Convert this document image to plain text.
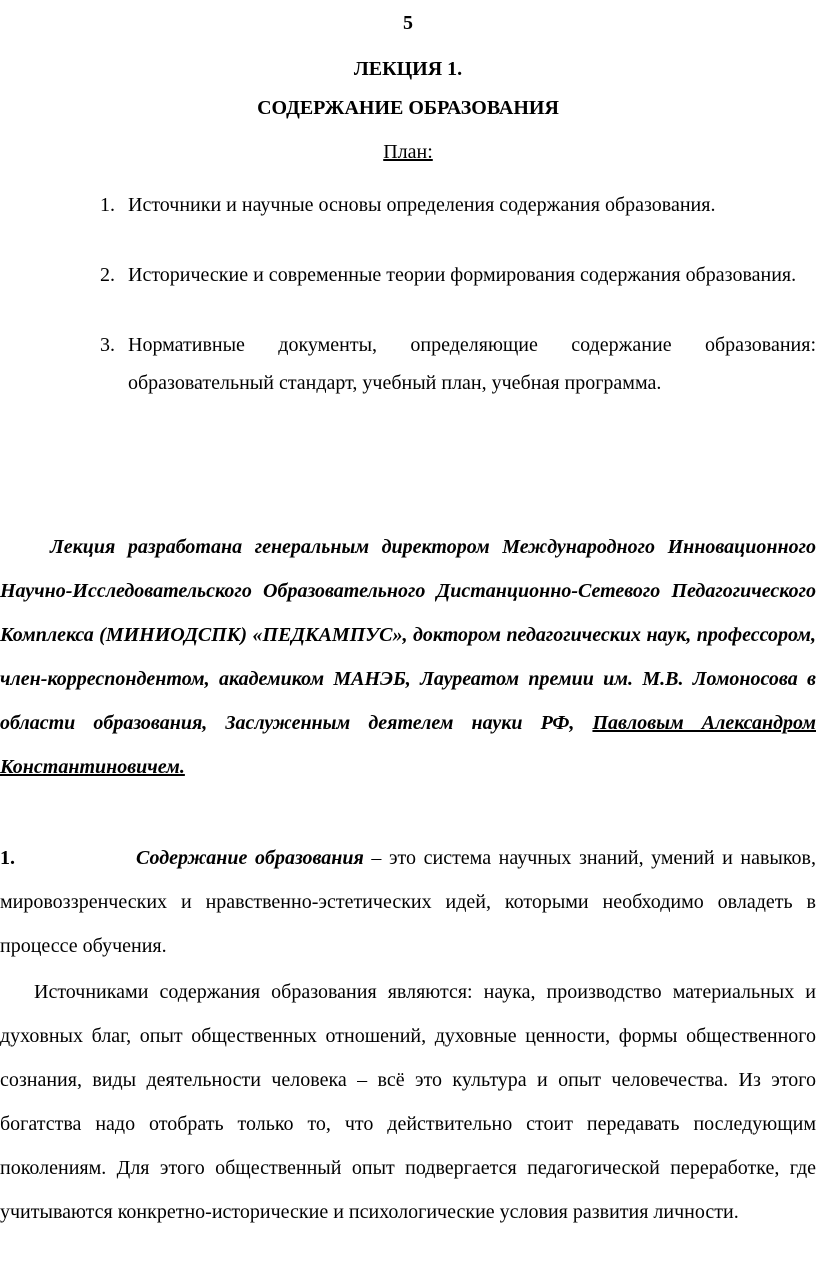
5
ЛЕКЦИЯ 1.
СОДЕРЖАНИЕ ОБРАЗОВАНИЯ
План:
1. Источники и научные основы определения содержания образования.
2. Исторические и современные теории формирования содержания образования.
3. Нормативные документы, определяющие содержание образования: образовательный стандарт, учебный план, учебная программа.

Лекция разработана генеральным директором Международного Инновационного Научно-Исследовательского Образовательного Дистанционно-Сетевого Педагогического Комплекса (МИНИОДСПК) «ПЕДКАМПУС», доктором педагогических наук, профессором, член-корреспондентом, академиком МАНЭБ, Лауреатом премии им. М.В. Ломоносова в области образования, Заслуженным деятелем науки РФ, Павловым Александром Константиновичем.

1.	Содержание образования – это система научных знаний, умений и навыков, мировоззренческих и нравственно-эстетических идей, которыми необходимо овладеть в процессе обучения.

Источниками содержания образования являются: наука, производство материальных и духовных благ, опыт общественных отношений, духовные ценности, формы общественного сознания, виды деятельности человека – всё это культура и опыт человечества. Из этого богатства надо отобрать только то, что действительно стоит передавать последующим поколениям. Для этого общественный опыт подвергается педагогической переработке, где учитываются конкретно-исторические и психологические условия развития личности.
